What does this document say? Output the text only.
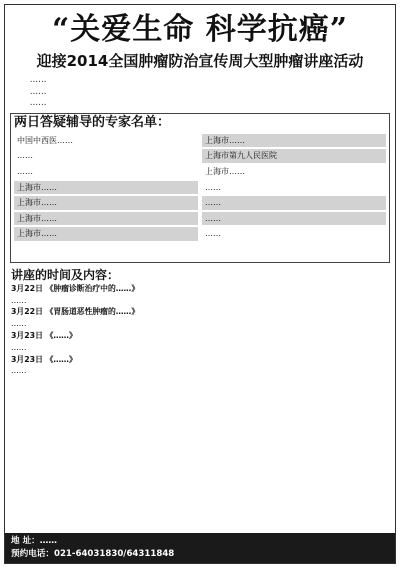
“关爱生命 科学抗癌”
迎接2014全国肿瘤防治宣传周大型肿瘤讲座活动

……

……

……

两日答疑辅导的专家名单：
中国中西医……
……
……
上海市……
上海市……
上海市……
上海市……
上海市……
上海市第九人民医院
上海市……
……
……
……
……
讲座的时间及内容：
3月22日 《肿瘤诊断治疗中的……》
……
3月22日 《胃肠道恶性肿瘤的……》
……
3月23日 《……》
……
3月23日 《……》
……
地 址：……
预约电话：021-64031830/64311848
